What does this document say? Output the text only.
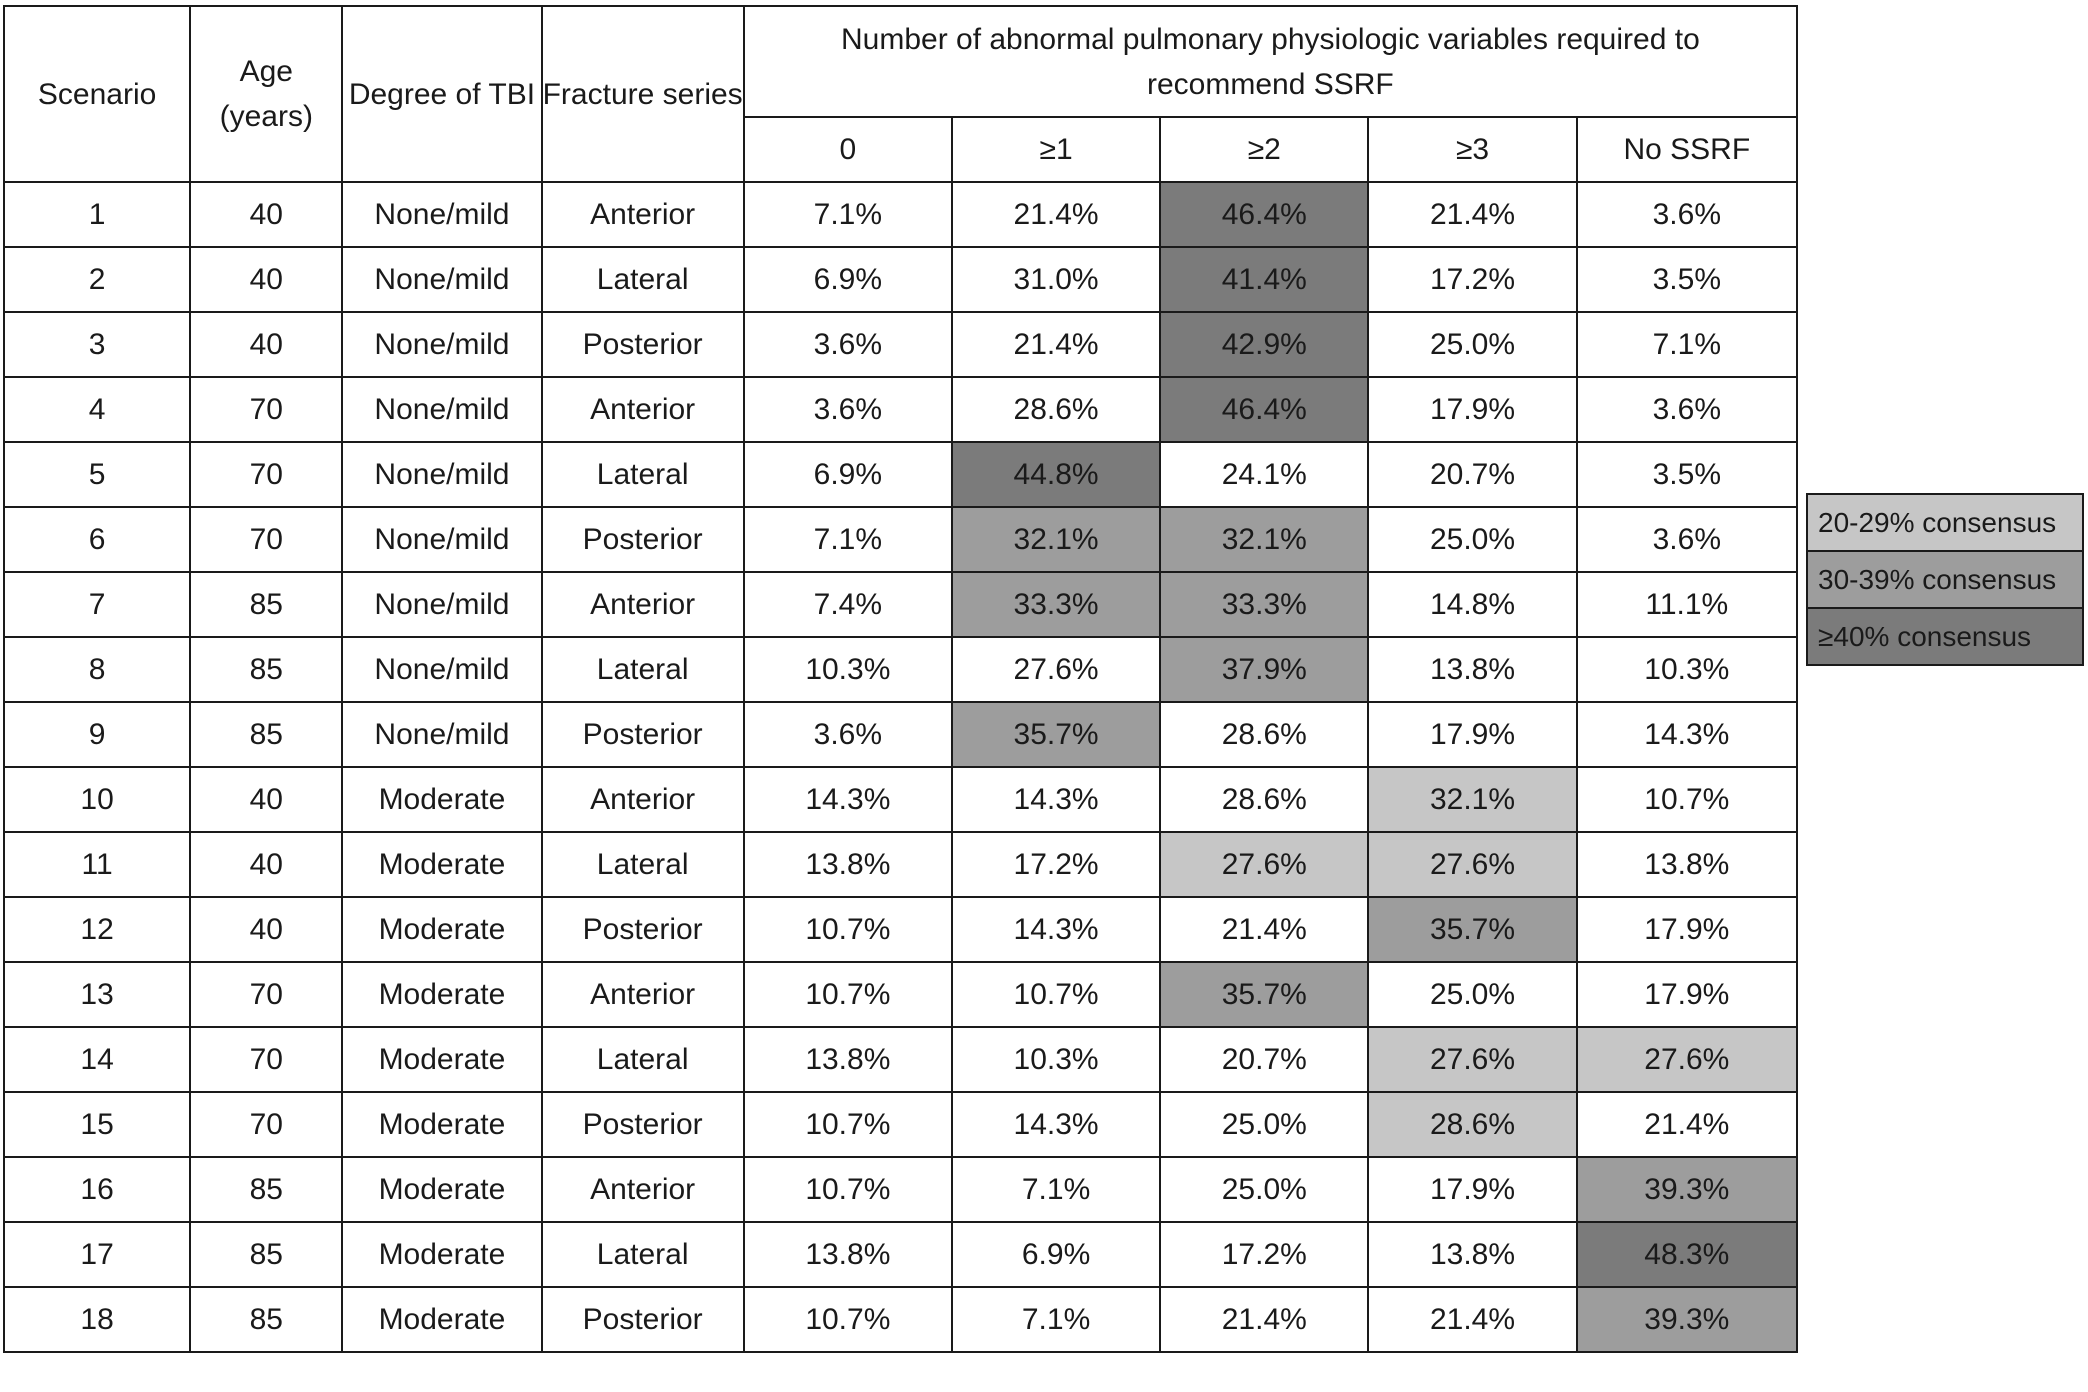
Scenario	Age (years)	Degree of TBI	Fracture series	Number of abnormal pulmonary physiologic variables required to recommend SSRF				
				0	≥1	≥2	≥3	No SSRF
1	40	None/mild	Anterior	7.1%	21.4%	46.4%	21.4%	3.6%
2	40	None/mild	Lateral	6.9%	31.0%	41.4%	17.2%	3.5%
3	40	None/mild	Posterior	3.6%	21.4%	42.9%	25.0%	7.1%
4	70	None/mild	Anterior	3.6%	28.6%	46.4%	17.9%	3.6%
5	70	None/mild	Lateral	6.9%	44.8%	24.1%	20.7%	3.5%
6	70	None/mild	Posterior	7.1%	32.1%	32.1%	25.0%	3.6%
7	85	None/mild	Anterior	7.4%	33.3%	33.3%	14.8%	11.1%
8	85	None/mild	Lateral	10.3%	27.6%	37.9%	13.8%	10.3%
9	85	None/mild	Posterior	3.6%	35.7%	28.6%	17.9%	14.3%
10	40	Moderate	Anterior	14.3%	14.3%	28.6%	32.1%	10.7%
11	40	Moderate	Lateral	13.8%	17.2%	27.6%	27.6%	13.8%
12	40	Moderate	Posterior	10.7%	14.3%	21.4%	35.7%	17.9%
13	70	Moderate	Anterior	10.7%	10.7%	35.7%	25.0%	17.9%
14	70	Moderate	Lateral	13.8%	10.3%	20.7%	27.6%	27.6%
15	70	Moderate	Posterior	10.7%	14.3%	25.0%	28.6%	21.4%
16	85	Moderate	Anterior	10.7%	7.1%	25.0%	17.9%	39.3%
17	85	Moderate	Lateral	13.8%	6.9%	17.2%	13.8%	48.3%
18	85	Moderate	Posterior	10.7%	7.1%	21.4%	21.4%	39.3%
20-29% consensus
30-39% consensus
≥40% consensus
